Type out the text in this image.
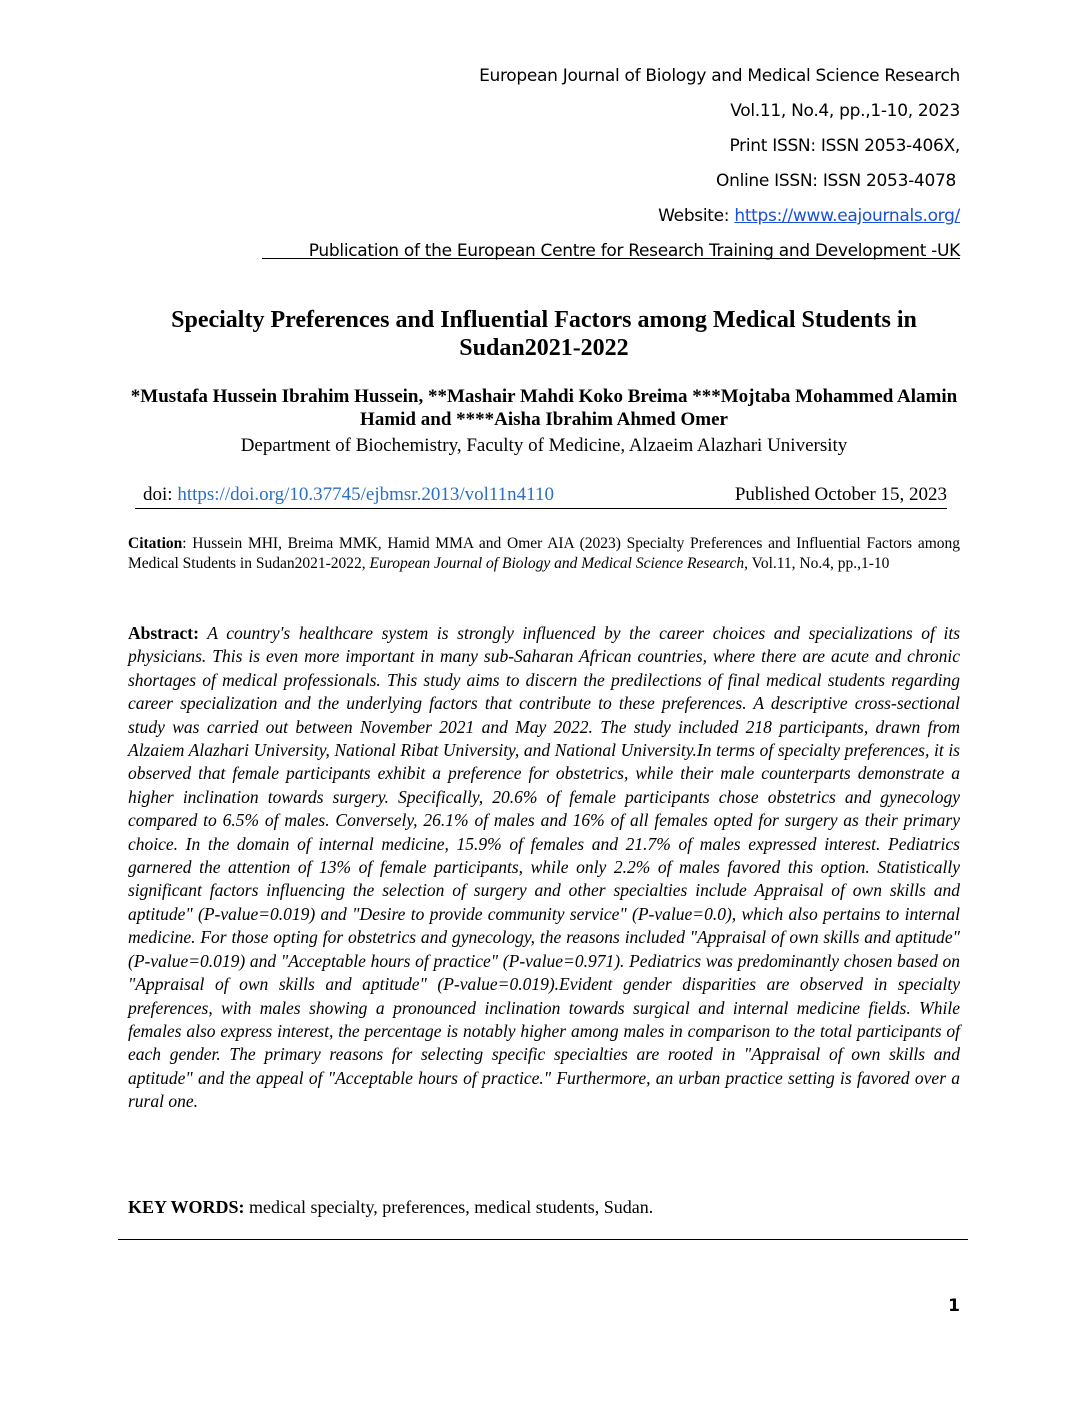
European Journal of Biology and Medical Science Research
Vol.11, No.4, pp.,1-10, 2023
Print ISSN: ISSN 2053-406X,
Online ISSN: ISSN 2053-4078
Website: https://www.eajournals.org/
Publication of the European Centre for Research Training and Development -UK
Specialty Preferences and Influential Factors among Medical Students in Sudan2021-2022
*Mustafa Hussein Ibrahim Hussein, **Mashair Mahdi Koko Breima ***Mojtaba Mohammed Alamin Hamid and ****Aisha Ibrahim Ahmed Omer
Department of Biochemistry, Faculty of Medicine, Alzaeim Alazhari University
doi: https://doi.org/10.37745/ejbmsr.2013/vol11n4110	Published October 15, 2023
Citation: Hussein MHI, Breima MMK, Hamid MMA and Omer AIA (2023) Specialty Preferences and Influential Factors among Medical Students in Sudan2021-2022, European Journal of Biology and Medical Science Research, Vol.11, No.4, pp.,1-10
Abstract: A country's healthcare system is strongly influenced by the career choices and specializations of its physicians. This is even more important in many sub-Saharan African countries, where there are acute and chronic shortages of medical professionals. This study aims to discern the predilections of final medical students regarding career specialization and the underlying factors that contribute to these preferences. A descriptive cross-sectional study was carried out between November 2021 and May 2022. The study included 218 participants, drawn from Alzaiem Alazhari University, National Ribat University, and National University.In terms of specialty preferences, it is observed that female participants exhibit a preference for obstetrics, while their male counterparts demonstrate a higher inclination towards surgery. Specifically, 20.6% of female participants chose obstetrics and gynecology compared to 6.5% of males. Conversely, 26.1% of males and 16% of all females opted for surgery as their primary choice. In the domain of internal medicine, 15.9% of females and 21.7% of males expressed interest. Pediatrics garnered the attention of 13% of female participants, while only 2.2% of males favored this option. Statistically significant factors influencing the selection of surgery and other specialties include Appraisal of own skills and aptitude" (P-value=0.019) and "Desire to provide community service" (P-value=0.0), which also pertains to internal medicine. For those opting for obstetrics and gynecology, the reasons included "Appraisal of own skills and aptitude" (P-value=0.019) and "Acceptable hours of practice" (P-value=0.971). Pediatrics was predominantly chosen based on "Appraisal of own skills and aptitude" (P-value=0.019).Evident gender disparities are observed in specialty preferences, with males showing a pronounced inclination towards surgical and internal medicine fields. While females also express interest, the percentage is notably higher among males in comparison to the total participants of each gender. The primary reasons for selecting specific specialties are rooted in "Appraisal of own skills and aptitude" and the appeal of "Acceptable hours of practice." Furthermore, an urban practice setting is favored over a rural one.
KEY WORDS: medical specialty, preferences, medical students, Sudan.
1
